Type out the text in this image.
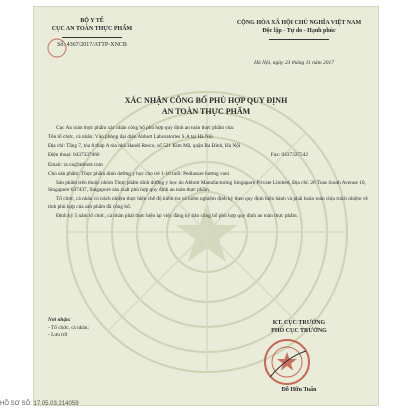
BỘ Y TẾ
CỤC AN TOÀN THỰC PHẨM
Số: 4367/2017/ATTP-XNCB
CỘNG HÒA XÃ HỘI CHỦ NGHĨA VIỆT NAM
Độc lập - Tự do - Hạnh phúc
Hà Nội, ngày 23 tháng 11 năm 2017
XÁC NHẬN CÔNG BỐ PHÙ HỢP QUY ĐỊNH
AN TOÀN THỰC PHẨM

Cục An toàn thực phẩm xác nhận công bố phù hợp quy định an toàn thực phẩm của:

Tên tổ chức, cá nhân: Văn phòng đại diện Abbott Laboratories S.A tại Hà Nội

Địa chỉ: Tầng 7, tòa 8 tháp A tòa nhà Handi Resco, số 521 Kim Mã, quận Ba Đình, Hà Nội

Điện thoại: 0437337466	Fax: 0437337542

Email: ra.vn@abbott.com

Cho sản phẩm: Thực phẩm dinh dưỡng y học cho trẻ 1-10 tuổi: Pediasure hương vani

Sản phẩm trên thuộc nhóm Thực phẩm dinh dưỡng y học do Abbott Manufacturing Singapore Private Limited, Địa chỉ: 26 Tuas South Avenue 10, Singapore 637437, Singapore sản xuất phù hợp quy định an toàn thực phẩm.

Tổ chức, cá nhân có trách nhiệm thực hiện chế độ kiểm tra và kiểm nghiệm định kỳ theo quy định hiện hành và phải hoàn toàn chịu trách nhiệm về tính phù hợp của sản phẩm đã công bố.

Định kỳ 5 năm tổ chức, cá nhân phải thực hiện lại việc đăng ký bản công bố phù hợp quy định an toàn thực phẩm.

Nơi nhận:
- Tổ chức, cá nhân;
- Lưu trữ
KT. CỤC TRƯỞNG
PHÓ CỤC TRƯỞNG
Đỗ Hữu Tuấn
HỒ SƠ SỐ: 17.05.03.214059
